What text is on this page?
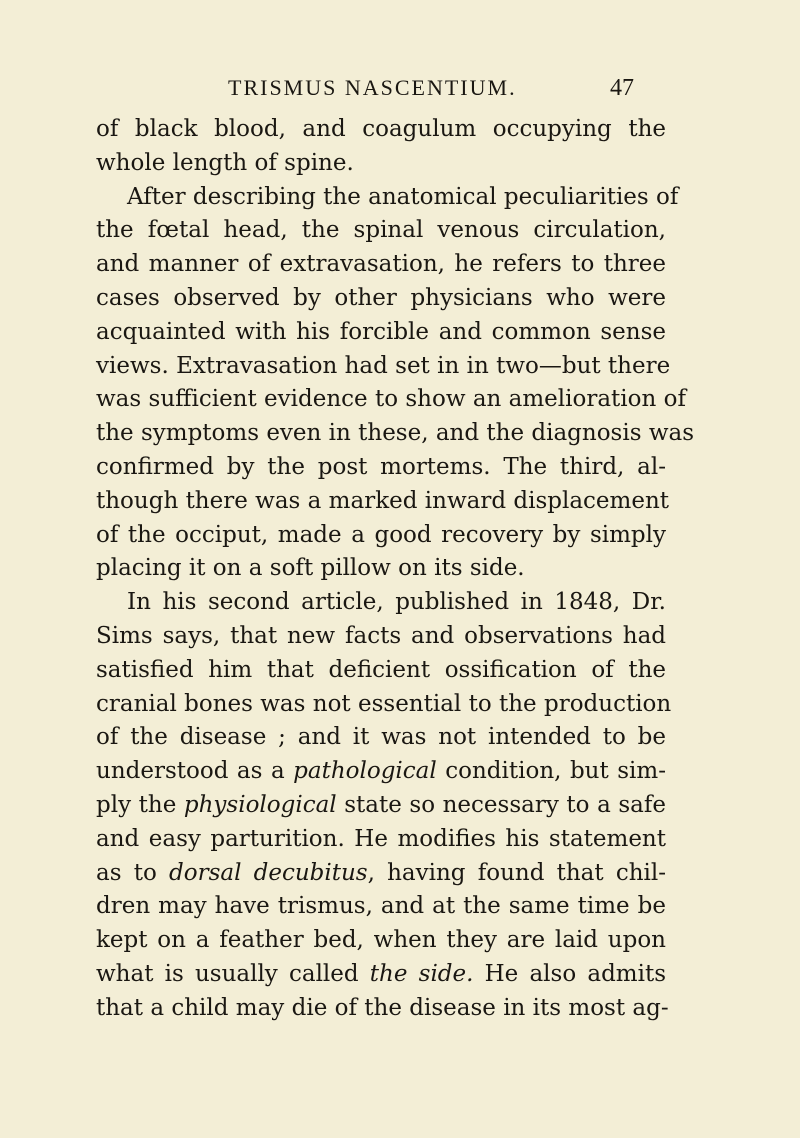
TRISMUS NASCENTIUM.	47
of black blood, and coagulum occupying the
whole length of spine.
After describing the anatomical peculiarities of
the fœtal head, the spinal venous circulation,
and manner of extravasation, he refers to three
cases observed by other physicians who were
acquainted with his forcible and common sense
views. Extravasation had set in in two—but there
was sufficient evidence to show an amelioration of
the symptoms even in these, and the diagnosis was
confirmed by the post mortems. The third, al-
though there was a marked inward displacement
of the occiput, made a good recovery by simply
placing it on a soft pillow on its side.
In his second article, published in 1848, Dr.
Sims says, that new facts and observations had
satisfied him that deficient ossification of the
cranial bones was not essential to the production
of the disease ; and it was not intended to be
understood as a pathological condition, but sim-
ply the physiological state so necessary to a safe
and easy parturition. He modifies his statement
as to dorsal decubitus, having found that chil-
dren may have trismus, and at the same time be
kept on a feather bed, when they are laid upon
what is usually called the side. He also admits
that a child may die of the disease in its most ag-
